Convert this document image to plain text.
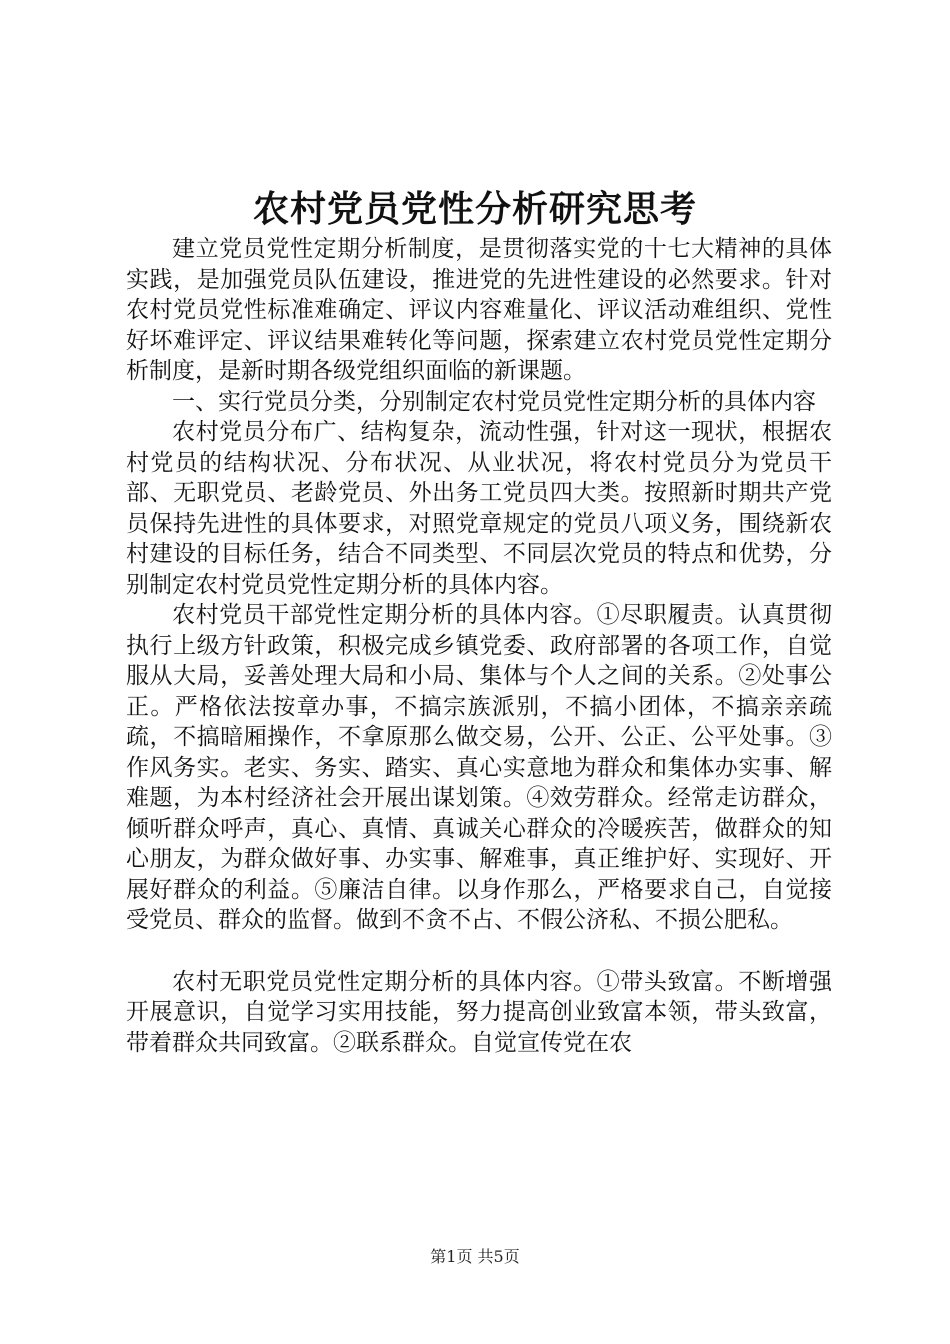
农村党员党性分析研究思考

建立党员党性定期分析制度，是贯彻落实党的十七大精神的具体实践，是加强党员队伍建设，推进党的先进性建设的必然要求。针对农村党员党性标准难确定、评议内容难量化、评议活动难组织、党性好坏难评定、评议结果难转化等问题，探索建立农村党员党性定期分析制度，是新时期各级党组织面临的新课题。

一、实行党员分类，分别制定农村党员党性定期分析的具体内容

农村党员分布广、结构复杂，流动性强，针对这一现状，根据农村党员的结构状况、分布状况、从业状况，将农村党员分为党员干部、无职党员、老龄党员、外出务工党员四大类。按照新时期共产党员保持先进性的具体要求，对照党章规定的党员八项义务，围绕新农村建设的目标任务，结合不同类型、不同层次党员的特点和优势，分别制定农村党员党性定期分析的具体内容。

农村党员干部党性定期分析的具体内容。①尽职履责。认真贯彻执行上级方针政策，积极完成乡镇党委、政府部署的各项工作，自觉服从大局，妥善处理大局和小局、集体与个人之间的关系。②处事公正。严格依法按章办事，不搞宗族派别，不搞小团体，不搞亲亲疏疏，不搞暗厢操作，不拿原那么做交易，公开、公正、公平处事。③作风务实。老实、务实、踏实、真心实意地为群众和集体办实事、解难题，为本村经济社会开展出谋划策。④效劳群众。经常走访群众，倾听群众呼声，真心、真情、真诚关心群众的冷暖疾苦，做群众的知心朋友，为群众做好事、办实事、解难事，真正维护好、实现好、开展好群众的利益。⑤廉洁自律。以身作那么，严格要求自己，自觉接受党员、群众的监督。做到不贪不占、不假公济私、不损公肥私。

农村无职党员党性定期分析的具体内容。①带头致富。不断增强开展意识，自觉学习实用技能，努力提高创业致富本领，带头致富，带着群众共同致富。②联系群众。自觉宣传党在农

第1页 共5页
